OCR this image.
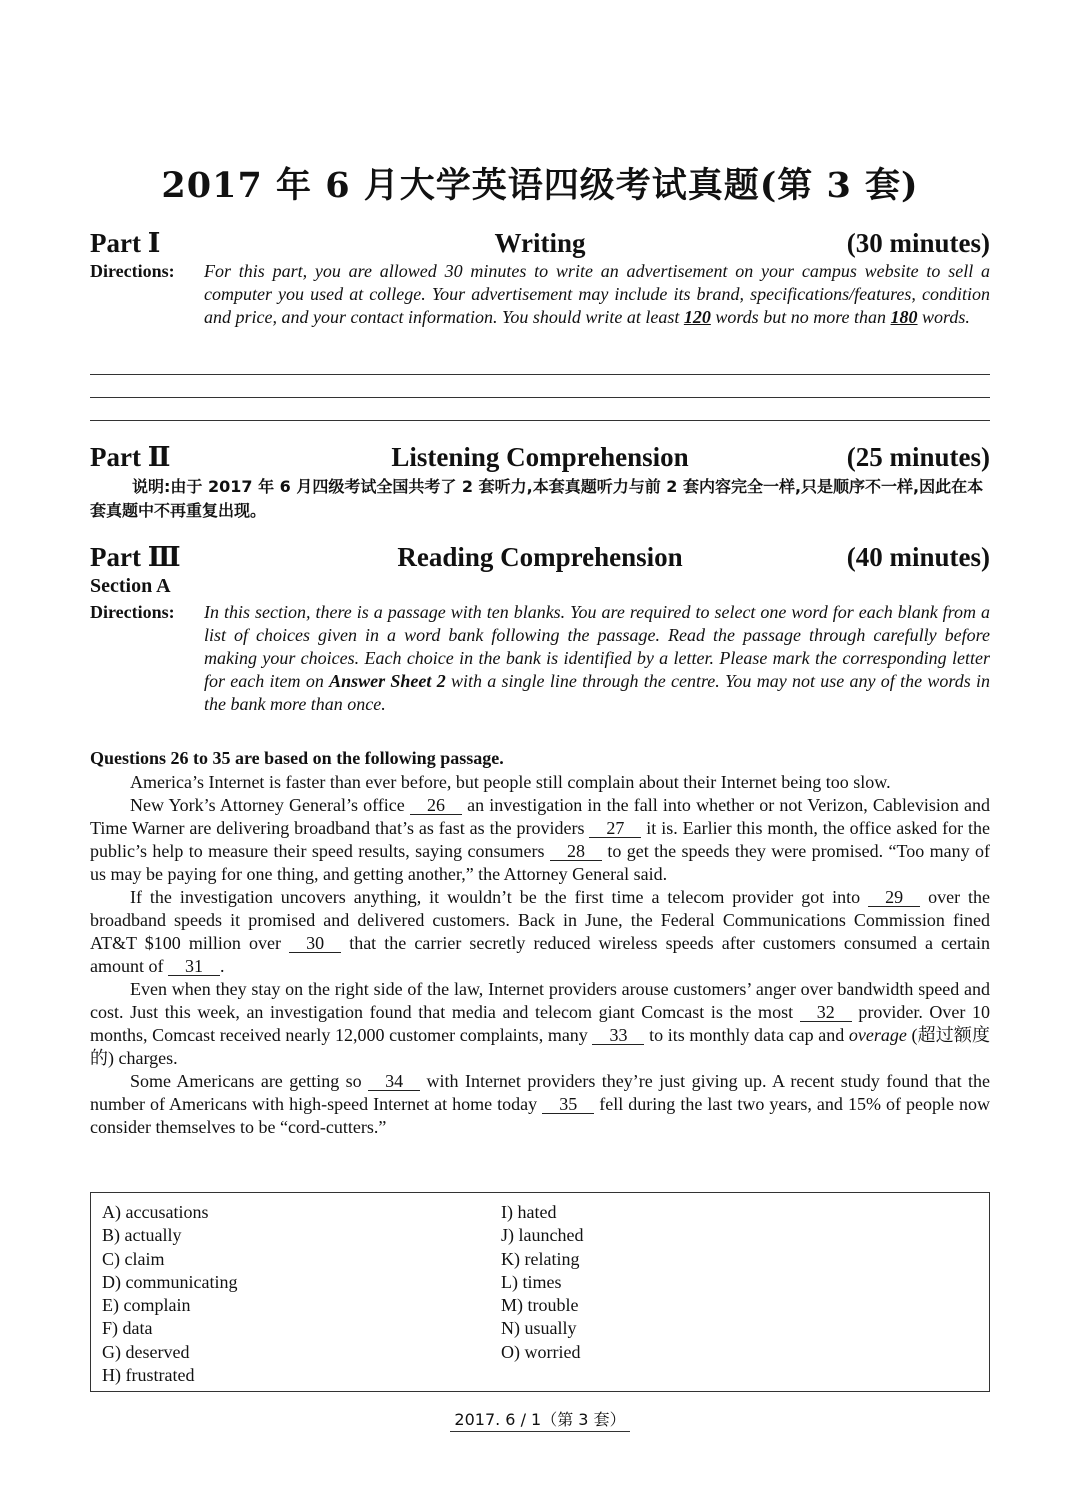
2017 年 6 月大学英语四级考试真题(第 3 套)
Part Ⅰ	Writing	(30 minutes)
Directions: For this part, you are allowed 30 minutes to write an advertisement on your campus website to sell a computer you used at college. Your advertisement may include its brand, specifications/features, condition and price, and your contact information. You should write at least 120 words but no more than 180 words.
Part Ⅱ	Listening Comprehension	(25 minutes)
说明:由于 2017 年 6 月四级考试全国共考了 2 套听力,本套真题听力与前 2 套内容完全一样,只是顺序不一样,因此在本套真题中不再重复出现。
Part Ⅲ	Reading Comprehension	(40 minutes)
Section A
Directions: In this section, there is a passage with ten blanks. You are required to select one word for each blank from a list of choices given in a word bank following the passage. Read the passage through carefully before making your choices. Each choice in the bank is identified by a letter. Please mark the corresponding letter for each item on Answer Sheet 2 with a single line through the centre. You may not use any of the words in the bank more than once.
Questions 26 to 35 are based on the following passage.

America’s Internet is faster than ever before, but people still complain about their Internet being too slow.

New York’s Attorney General’s office 26 an investigation in the fall into whether or not Verizon, Cablevision and Time Warner are delivering broadband that’s as fast as the providers 27 it is. Earlier this month, the office asked for the public’s help to measure their speed results, saying consumers 28 to get the speeds they were promised. “Too many of us may be paying for one thing, and getting another,” the Attorney General said.

If the investigation uncovers anything, it wouldn’t be the first time a telecom provider got into 29 over the broadband speeds it promised and delivered customers. Back in June, the Federal Communications Commission fined AT&T $100 million over 30 that the carrier secretly reduced wireless speeds after customers consumed a certain amount of 31 .

Even when they stay on the right side of the law, Internet providers arouse customers’ anger over bandwidth speed and cost. Just this week, an investigation found that media and telecom giant Comcast is the most 32 provider. Over 10 months, Comcast received nearly 12,000 customer complaints, many 33 to its monthly data cap and overage (超过额度的) charges.

Some Americans are getting so 34 with Internet providers they’re just giving up. A recent study found that the number of Americans with high-speed Internet at home today 35 fell during the last two years, and 15% of people now consider themselves to be “cord-cutters.”

A) accusations
B) actually
C) claim
D) communicating
E) complain
F) data
G) deserved
H) frustrated
I) hated
J) launched
K) relating
L) times
M) trouble
N) usually
O) worried
2017. 6 / 1（第 3 套）
